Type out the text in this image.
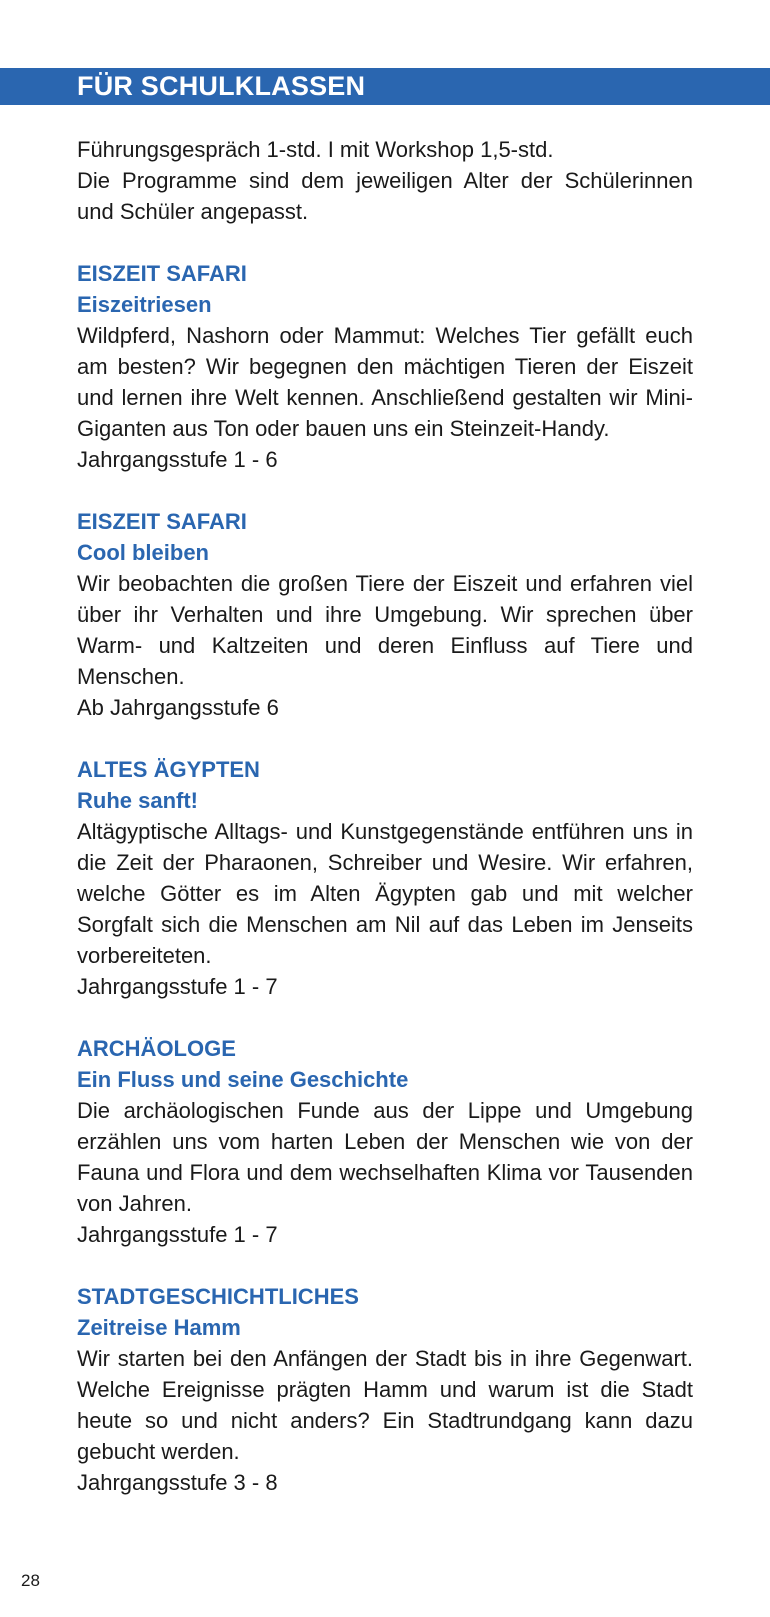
FÜR SCHULKLASSEN

Führungsgespräch 1-std. I mit Workshop 1,5-std.

Die Programme sind dem jeweiligen Alter der Schülerinnen und Schüler angepasst.

EISZEIT SAFARI

Eiszeitriesen

Wildpferd, Nashorn oder Mammut: Welches Tier gefällt euch am besten? Wir begegnen den mächtigen Tieren der Eiszeit und lernen ihre Welt kennen. Anschließend gestalten wir Mini-Giganten aus Ton oder bauen uns ein Steinzeit-Handy.

Jahrgangsstufe 1 - 6

EISZEIT SAFARI

Cool bleiben

Wir beobachten die großen Tiere der Eiszeit und erfahren viel über ihr Verhalten und ihre Umgebung. Wir sprechen über Warm- und Kaltzeiten und deren Einfluss auf Tiere und Menschen.

Ab Jahrgangsstufe 6

ALTES ÄGYPTEN

Ruhe sanft!

Altägyptische Alltags- und Kunstgegenstände entführen uns in die Zeit der Pharaonen, Schreiber und Wesire. Wir erfahren, welche Götter es im Alten Ägypten gab und mit welcher Sorgfalt sich die Menschen am Nil auf das Leben im Jenseits vorbereiteten.

Jahrgangsstufe 1 - 7

ARCHÄOLOGE

Ein Fluss und seine Geschichte

Die archäologischen Funde aus der Lippe und Umgebung erzählen uns vom harten Leben der Menschen wie von der Fauna und Flora und dem wechselhaften Klima vor Tausenden von Jahren.

Jahrgangsstufe 1 - 7

STADTGESCHICHTLICHES

Zeitreise Hamm

Wir starten bei den Anfängen der Stadt bis in ihre Gegenwart. Welche Ereignisse prägten Hamm und warum ist die Stadt heute so und nicht anders? Ein Stadtrundgang kann dazu gebucht werden.

Jahrgangsstufe 3 - 8

28
